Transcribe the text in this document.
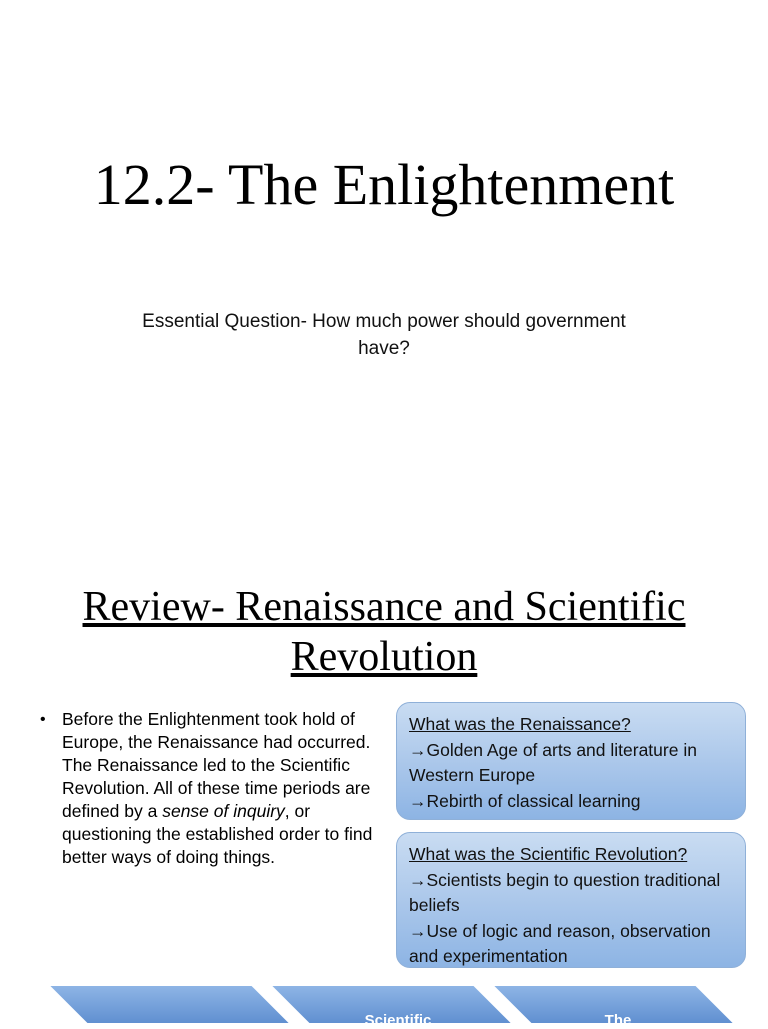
12.2- The Enlightenment
Essential Question- How much power should government have?
Review- Renaissance and Scientific Revolution
• Before the Enlightenment took hold of Europe, the Renaissance had occurred. The Renaissance led to the Scientific Revolution. All of these time periods are defined by a sense of inquiry, or questioning the established order to find better ways of doing things.
What was the Renaissance?
→Golden Age of arts and literature in Western Europe
→Rebirth of classical learning
What was the Scientific Revolution?
→Scientists begin to question traditional beliefs
→Use of logic and reason, observation and experimentation
Scientific	The
